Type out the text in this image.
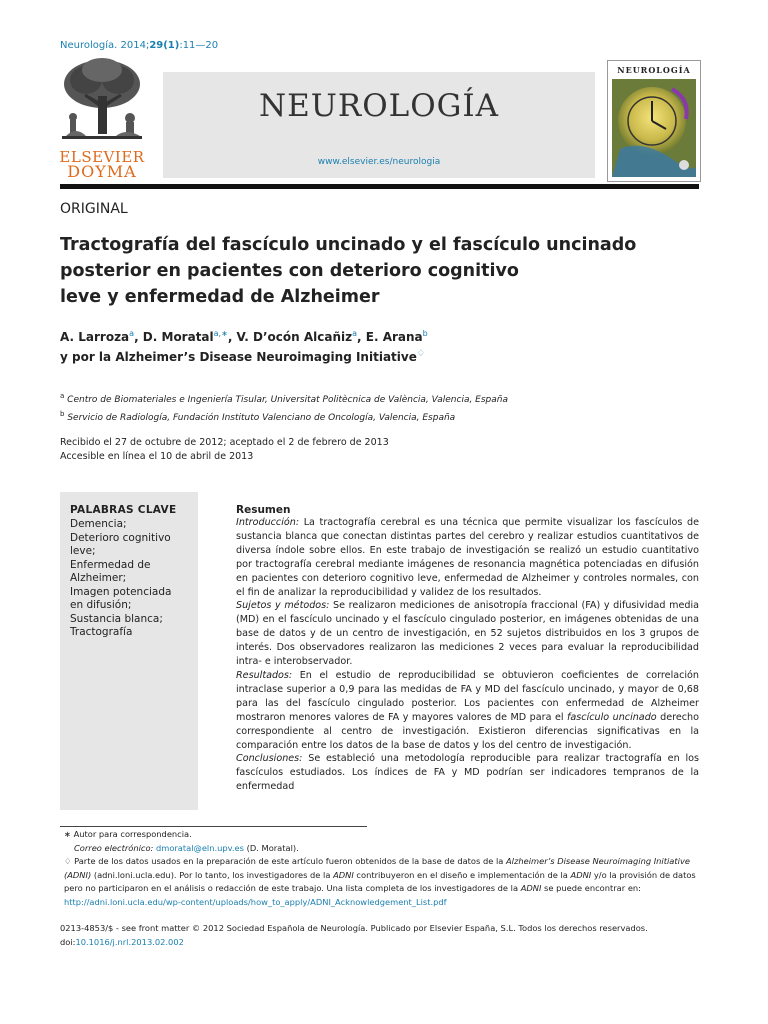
Neurología. 2014;29(1):11—20
ELSEVIER
DOYMA
NEUROLOGÍA
www.elsevier.es/neurologia
NEUROLOGÍA
ORIGINAL
Tractografía del fascículo uncinado y el fascículo uncinado
posterior en pacientes con deterioro cognitivo
leve y enfermedad de Alzheimer
A. Larroza$^a$, D. Moratal$^{a,∗}$, V. D’ocón Alcañiz$^a$, E. Arana$^b$
y por la Alzheimer’s Disease Neuroimaging Initiative♢
$^a$ Centro de Biomateriales e Ingeniería Tisular, Universitat Politècnica de València, Valencia, España
$^b$ Servicio de Radiología, Fundación Instituto Valenciano de Oncología, Valencia, España
Recibido el 27 de octubre de 2012; aceptado el 2 de febrero de 2013
Accesible en línea el 10 de abril de 2013
PALABRAS CLAVE
Demencia;
Deterioro cognitivo
leve;
Enfermedad de
Alzheimer;
Imagen potenciada
en difusión;
Sustancia blanca;
Tractografía
Resumen
Introducción: La tractografía cerebral es una técnica que permite visualizar los fascículos de sustancia blanca que conectan distintas partes del cerebro y realizar estudios cuantitativos de diversa índole sobre ellos. En este trabajo de investigación se realizó un estudio cuantitativo por tractografía cerebral mediante imágenes de resonancia magnética potenciadas en difusión en pacientes con deterioro cognitivo leve, enfermedad de Alzheimer y controles normales, con el fin de analizar la reproducibilidad y validez de los resultados.
Sujetos y métodos: Se realizaron mediciones de anisotropía fraccional (FA) y difusividad media (MD) en el fascículo uncinado y el fascículo cingulado posterior, en imágenes obtenidas de una base de datos y de un centro de investigación, en 52 sujetos distribuidos en los 3 grupos de interés. Dos observadores realizaron las mediciones 2 veces para evaluar la reproducibilidad intra- e interobservador.
Resultados: En el estudio de reproducibilidad se obtuvieron coeficientes de correlación intraclase superior a 0,9 para las medidas de FA y MD del fascículo uncinado, y mayor de 0,68 para las del fascículo cingulado posterior. Los pacientes con enfermedad de Alzheimer mostraron menores valores de FA y mayores valores de MD para el fascículo uncinado derecho correspondiente al centro de investigación. Existieron diferencias significativas en la comparación entre los datos de la base de datos y los del centro de investigación.
Conclusiones: Se estableció una metodología reproducible para realizar tractografía en los fascículos estudiados. Los índices de FA y MD podrían ser indicadores tempranos de la enfermedad
∗ Autor para correspondencia.
Correo electrónico: dmoratal@eln.upv.es (D. Moratal).
♢ Parte de los datos usados en la preparación de este artículo fueron obtenidos de la base de datos de la Alzheimer’s Disease Neuroimaging Initiative (ADNI) (adni.loni.ucla.edu). Por lo tanto, los investigadores de la ADNI contribuyeron en el diseño e implementación de la ADNI y/o la provisión de datos pero no participaron en el análisis o redacción de este trabajo. Una lista completa de los investigadores de la ADNI se puede encontrar en: http://adni.loni.ucla.edu/wp-content/uploads/how_to_apply/ADNI_Acknowledgement_List.pdf
0213-4853/$ - see front matter © 2012 Sociedad Española de Neurología. Publicado por Elsevier España, S.L. Todos los derechos reservados.
doi:10.1016/j.nrl.2013.02.002
